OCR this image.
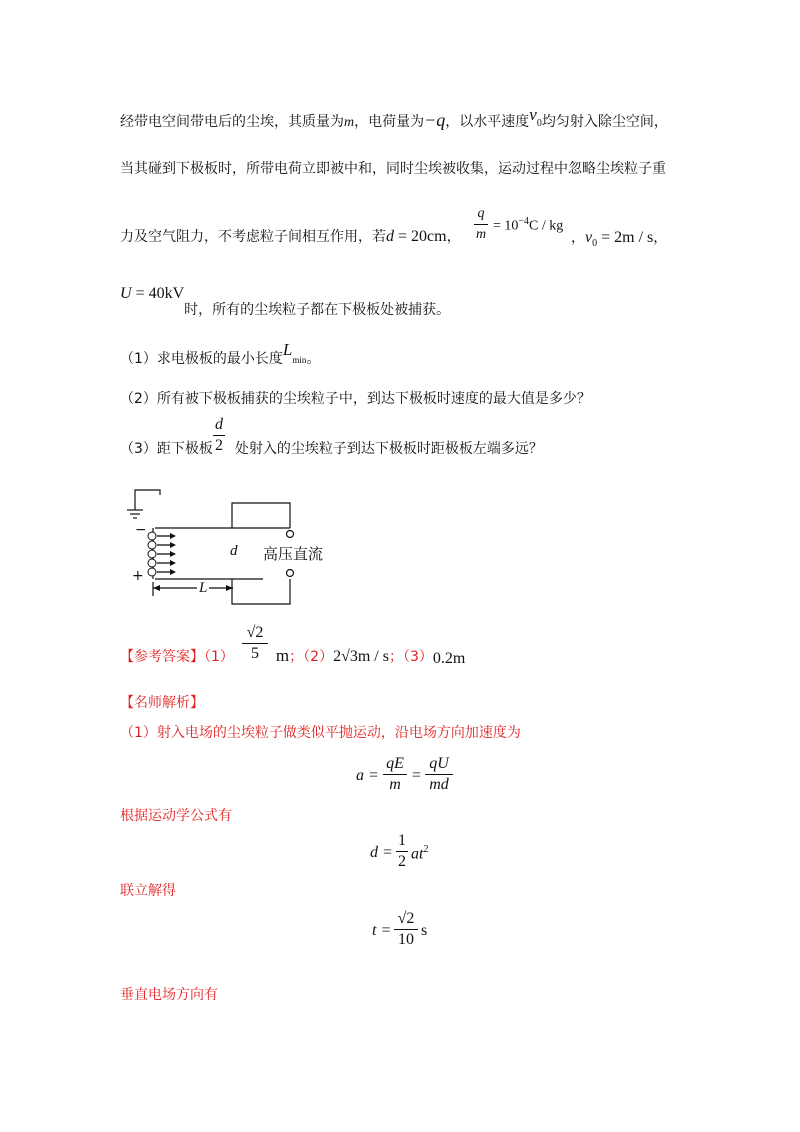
经带电空间带电后的尘埃，其质量为m，电荷量为−q，以水平速度$v_0$均匀射入除尘空间，
当其碰到下极板时，所带电荷立即被中和，同时尘埃被收集，运动过程中忽略尘埃粒子重
力及空气阻力，不考虑粒子间相互作用，若d = 20cm，
q
m
= $10^{-4}C$ / kg
，$v_0 = 2m / s$，
U = 40kV时，所有的尘埃粒子都在下极板处被捕获。
（1）求电极板的最小长度$L_{min}$。
（2）所有被下极板捕获的尘埃粒子中，到达下极板时速度的最大值是多少？
（3）距下极板 处射入的尘埃粒子到达下极板时距极板左端多远？
d
2
−
+
d
L
高压直流
【参考答案】（1） m；（2）2√3m / s；（3）0.2m
√2
5
【名师解析】
（1）射入电场的尘埃粒子做类似平抛运动，沿电场方向加速度为
a =
qE
m
=
qU
md
根据运动学公式有
d =
1
2 $at^2$
联立解得
t =
√2
10
s
垂直电场方向有
